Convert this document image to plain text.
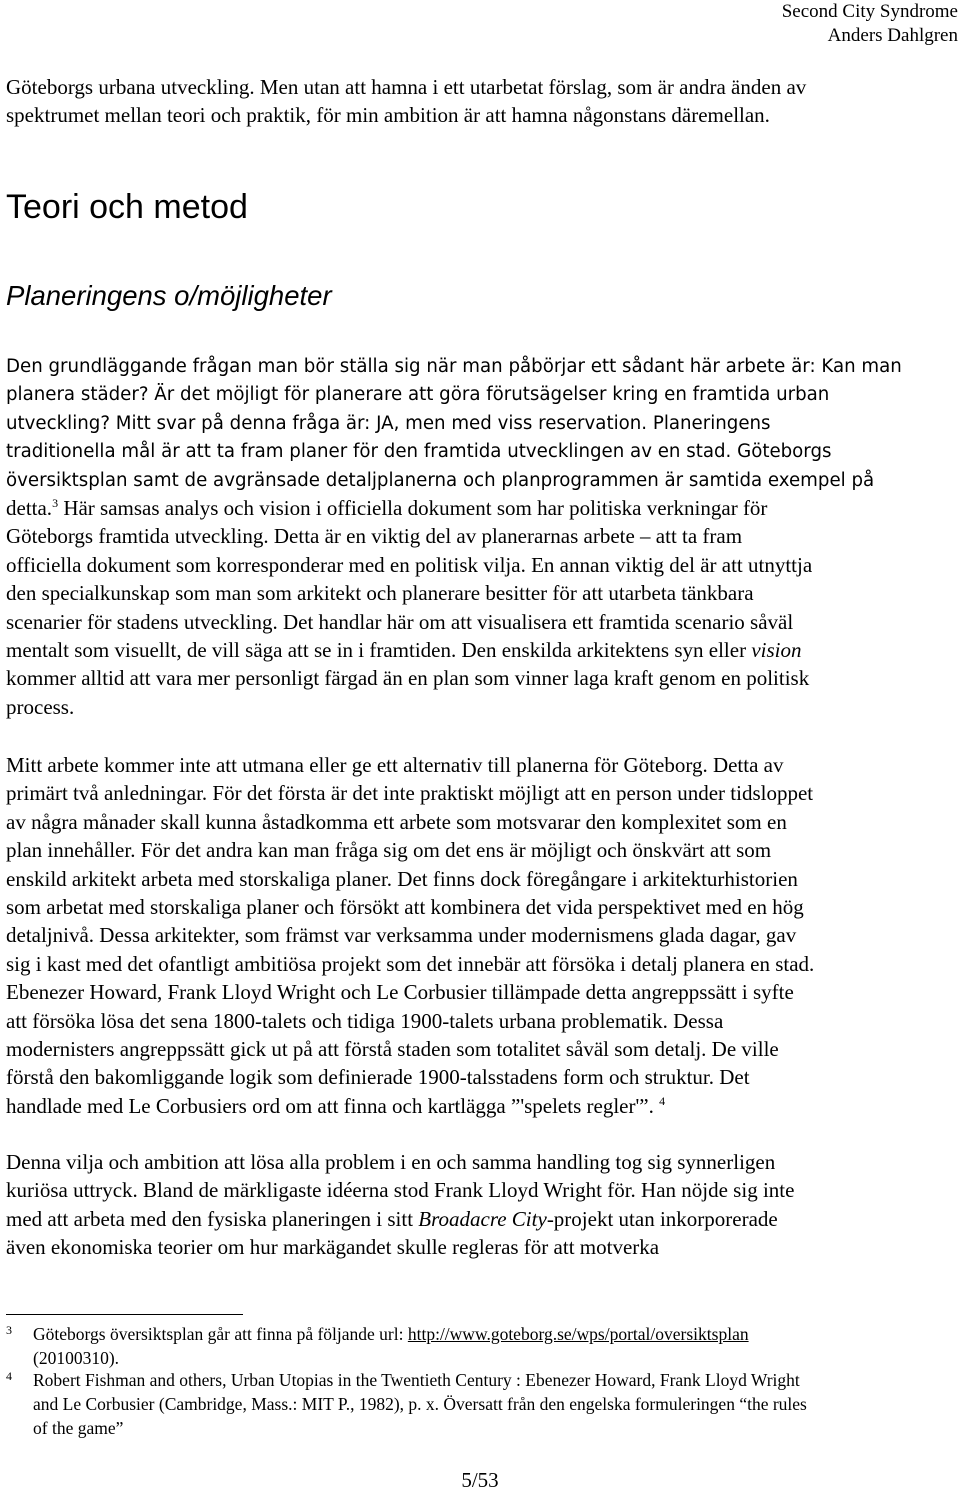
Second City Syndrome
Anders Dahlgren
Göteborgs urbana utveckling. Men utan att hamna i ett utarbetat förslag, som är andra änden av
spektrumet mellan teori och praktik, för min ambition är att hamna någonstans däremellan.
Teori och metod
Planeringens o/möjligheter
Den grundläggande frågan man bör ställa sig när man påbörjar ett sådant här arbete är: Kan man
planera städer? Är det möjligt för planerare att göra förutsägelser kring en framtida urban
utveckling? Mitt svar på denna fråga är: JA, men med viss reservation. Planeringens
traditionella mål är att ta fram planer för den framtida utvecklingen av en stad. Göteborgs
översiktsplan samt de avgränsade detaljplanerna och planprogrammen är samtida exempel på
detta.$^3$ Här samsas analys och vision i officiella dokument som har politiska verkningar för
Göteborgs framtida utveckling. Detta är en viktig del av planerarnas arbete – att ta fram
officiella dokument som korresponderar med en politisk vilja. En annan viktig del är att utnyttja
den specialkunskap som man som arkitekt och planerare besitter för att utarbeta tänkbara
scenarier för stadens utveckling. Det handlar här om att visualisera ett framtida scenario såväl
mentalt som visuellt, de vill säga att se in i framtiden. Den enskilda arkitektens syn eller vision
kommer alltid att vara mer personligt färgad än en plan som vinner laga kraft genom en politisk
process.
Mitt arbete kommer inte att utmana eller ge ett alternativ till planerna för Göteborg. Detta av
primärt två anledningar. För det första är det inte praktiskt möjligt att en person under tidsloppet
av några månader skall kunna åstadkomma ett arbete som motsvarar den komplexitet som en
plan innehåller. För det andra kan man fråga sig om det ens är möjligt och önskvärt att som
enskild arkitekt arbeta med storskaliga planer. Det finns dock föregångare i arkitekturhistorien
som arbetat med storskaliga planer och försökt att kombinera det vida perspektivet med en hög
detaljnivå. Dessa arkitekter, som främst var verksamma under modernismens glada dagar, gav
sig i kast med det ofantligt ambitiösa projekt som det innebär att försöka i detalj planera en stad.
Ebenezer Howard, Frank Lloyd Wright och Le Corbusier tillämpade detta angreppssätt i syfte
att försöka lösa det sena 1800-talets och tidiga 1900-talets urbana problematik. Dessa
modernisters angreppssätt gick ut på att förstå staden som totalitet såväl som detalj. De ville
förstå den bakomliggande logik som definierade 1900-talsstadens form och struktur. Det
handlade med Le Corbusiers ord om att finna och kartlägga ”'spelets regler'”. $^4$
Denna vilja och ambition att lösa alla problem i en och samma handling tog sig synnerligen
kuriösa uttryck. Bland de märkligaste idéerna stod Frank Lloyd Wright för. Han nöjde sig inte
med att arbeta med den fysiska planeringen i sitt Broadacre City-projekt utan inkorporerade
även ekonomiska teorier om hur markägandet skulle regleras för att motverka
3 Göteborgs översiktsplan går att finna på följande url: http://www.goteborg.se/wps/portal/oversiktsplan
(20100310).
4 Robert Fishman and others, Urban Utopias in the Twentieth Century : Ebenezer Howard, Frank Lloyd Wright
and Le Corbusier (Cambridge, Mass.: MIT P., 1982), p. x. Översatt från den engelska formuleringen “the rules
of the game”
5/53
